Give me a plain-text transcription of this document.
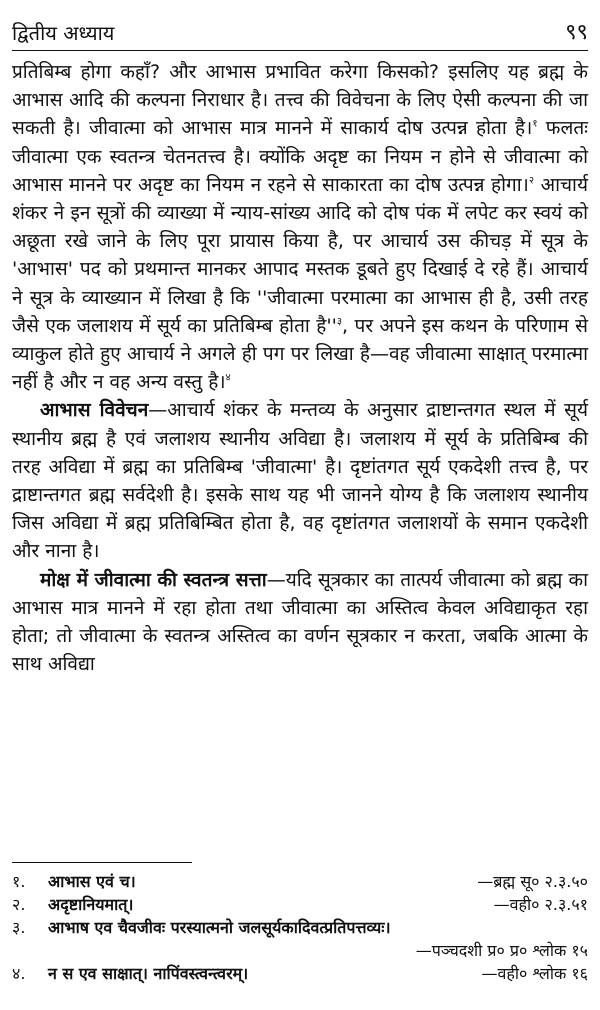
द्वितीय अध्याय	९९

प्रतिबिम्ब होगा कहाँ? और आभास प्रभावित करेगा किसको? इसलिए यह ब्रह्म के आभास आदि की कल्पना निराधार है। तत्त्व की विवेचना के लिए ऐसी कल्पना की जा सकती है। जीवात्मा को आभास मात्र मानने में साकार्य दोष उत्पन्न होता है।$^१$ फलतः जीवात्मा एक स्वतन्त्र चेतनतत्त्व है। क्योंकि अदृष्ट का नियम न होने से जीवात्मा को आभास मानने पर अदृष्ट का नियम न रहने से साकारता का दोष उत्पन्न होगा।$^२$ आचार्य शंकर ने इन सूत्रों की व्याख्या में न्याय-सांख्य आदि को दोष पंक में लपेट कर स्वयं को अछूता रखे जाने के लिए पूरा प्रायास किया है, पर आचार्य उस कीचड़ में सूत्र के 'आभास' पद को प्रथमान्त मानकर आपाद मस्तक डूबते हुए दिखाई दे रहे हैं। आचार्य ने सूत्र के व्याख्यान में लिखा है कि ''जीवात्मा परमात्मा का आभास ही है, उसी तरह जैसे एक जलाशय में सूर्य का प्रतिबिम्ब होता $है''^३$, पर अपने इस कथन के परिणाम से व्याकुल होते हुए आचार्य ने अगले ही पग पर लिखा है—वह जीवात्मा साक्षात् परमात्मा नहीं है और न वह अन्य वस्तु है।$^४$

आभास विवेचन—आचार्य शंकर के मन्तव्य के अनुसार द्राष्टान्तगत स्थल में सूर्य स्थानीय ब्रह्म है एवं जलाशय स्थानीय अविद्या है। जलाशय में सूर्य के प्रतिबिम्ब की तरह अविद्या में ब्रह्म का प्रतिबिम्ब 'जीवात्मा' है। दृष्टांतगत सूर्य एकदेशी तत्त्व है, पर द्राष्टान्तगत ब्रह्म सर्वदेशी है। इसके साथ यह भी जानने योग्य है कि जलाशय स्थानीय जिस अविद्या में ब्रह्म प्रतिबिम्बित होता है, वह दृष्टांतगत जलाशयों के समान एकदेशी और नाना है।

मोक्ष में जीवात्मा की स्वतन्त्र सत्ता—यदि सूत्रकार का तात्पर्य जीवात्मा को ब्रह्म का आभास मात्र मानने में रहा होता तथा जीवात्मा का अस्तित्व केवल अविद्याकृत रहा होता; तो जीवात्मा के स्वतन्त्र अस्तित्व का वर्णन सूत्रकार न करता, जबकि आत्मा के साथ अविद्या

१.	आभास एवं च।	—ब्रह्म सू० २.३.५०
२.	अदृष्टानियमात्।	—वही० २.३.५१
३.	आभाष एव चैवजीवः परस्यात्मनो जलसूर्यकादिवत्प्रतिपत्तव्यः।
—पञ्चदशी प्र० प्र० श्लोक १५
४.	न स एव साक्षात्। नापिंवस्त्वन्त्वरम्।	—वही० श्लोक १६
